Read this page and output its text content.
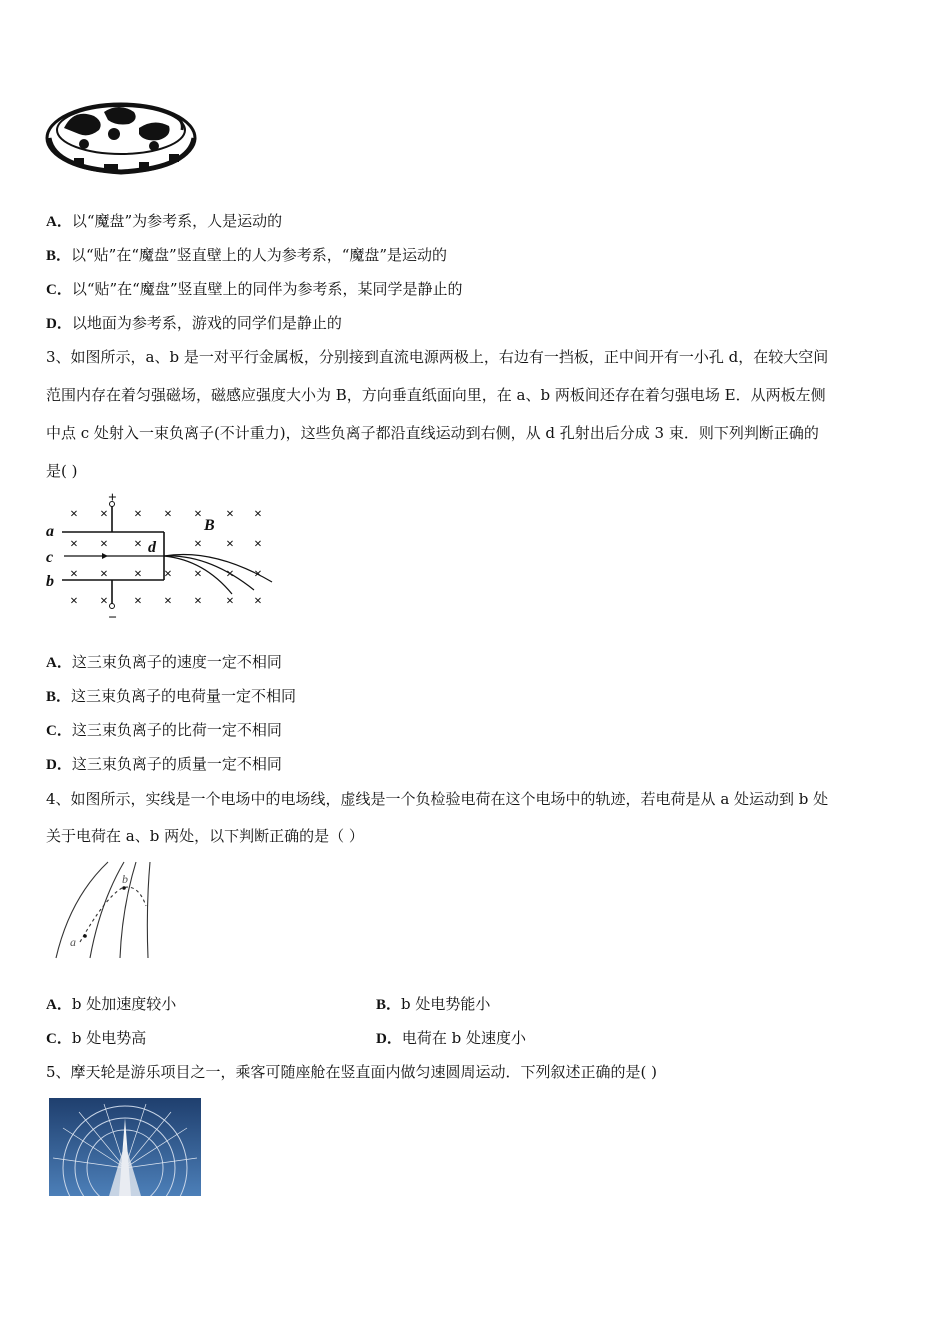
A．以“魔盘”为参考系，人是运动的
B．以“贴”在“魔盘”竖直壁上的人为参考系，“魔盘”是运动的
C．以“贴”在“魔盘”竖直壁上的同伴为参考系，某同学是静止的
D．以地面为参考系，游戏的同学们是静止的
3、如图所示，a、b 是一对平行金属板，分别接到直流电源两极上，右边有一挡板，正中间开有一小孔 d，在较大空间
范围内存在着匀强磁场，磁感应强度大小为 B，方向垂直纸面向里，在 a、b 两板间还存在着匀强电场 E．从两板左侧
中点 c 处射入一束负离子(不计重力)，这些负离子都沿直线运动到右侧，从 d 孔射出后分成 3 束．则下列判断正确的
是( )
× × × × × × ×
× × ×	× × ×
× × × × × × ×
× × × × × × ×
+
−
a
c
b
d
B
A．这三束负离子的速度一定不相同
B．这三束负离子的电荷量一定不相同
C．这三束负离子的比荷一定不相同
D．这三束负离子的质量一定不相同
4、如图所示，实线是一个电场中的电场线，虚线是一个负检验电荷在这个电场中的轨迹，若电荷是从 a 处运动到 b 处
关于电荷在 a、b 两处，以下判断正确的是（ ）
a
b
A．b 处加速度较小	B．b 处电势能小
C．b 处电势高	D．电荷在 b 处速度小
5、摩天轮是游乐项目之一，乘客可随座舱在竖直面内做匀速圆周运动．下列叙述正确的是( )
